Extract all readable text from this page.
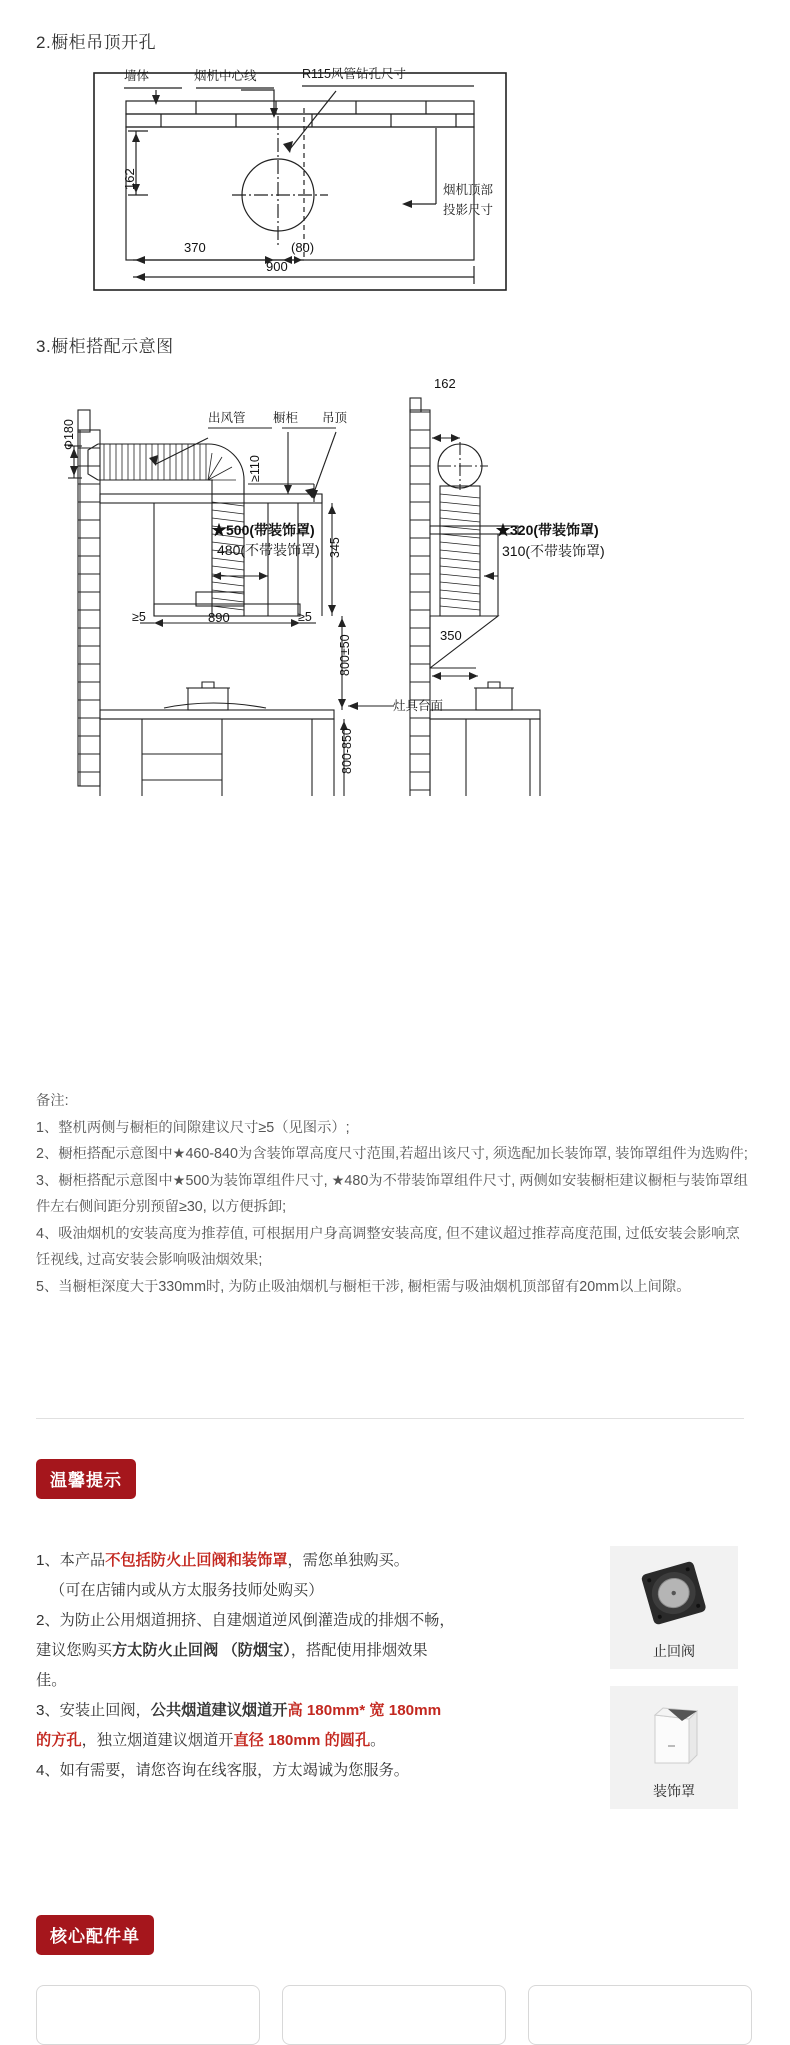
2.橱柜吊顶开孔
墙体	烟机中心线	R115风管钻孔尺寸
烟机顶部
投影尺寸
162
370	(80)
900
3.橱柜搭配示意图
出风管 橱柜 吊顶
灶具台面
Φ180
≥110
★500(带装饰罩)
480(不带装饰罩) 345
≥5	890	≥5
800±50
800-850
162
★320(带装饰罩)
310(不带装饰罩)
350

备注:

1、整机两侧与橱柜的间隙建议尺寸≥5（见图示）;

2、橱柜搭配示意图中★460-840为含装饰罩高度尺寸范围,若超出该尺寸, 须选配加长装饰罩, 装饰罩组件为选购件;

3、橱柜搭配示意图中★500为装饰罩组件尺寸, ★480为不带装饰罩组件尺寸, 两侧如安装橱柜建议橱柜与装饰罩组件左右侧间距分别预留≥30, 以方便拆卸;

4、吸油烟机的安装高度为推荐值, 可根据用户身高调整安装高度, 但不建议超过推荐高度范围, 过低安装会影响烹饪视线, 过高安装会影响吸油烟效果;

5、当橱柜深度大于330mm时, 为防止吸油烟机与橱柜干涉, 橱柜需与吸油烟机顶部留有20mm以上间隙。

温馨提示

1、本产品不包括防火止回阀和装饰罩，需您单独购买。

（可在店铺内或从方太服务技师处购买）

2、为防止公用烟道拥挤、自建烟道逆风倒灌造成的排烟不畅，建议您购买方太防火止回阀 （防烟宝），搭配使用排烟效果佳。

3、安装止回阀，公共烟道建议烟道开高 180mm* 宽 180mm 的方孔，独立烟道建议烟道开直径 180mm 的圆孔。

4、如有需要，请您咨询在线客服，方太竭诚为您服务。

止回阀
装饰罩
核心配件单
